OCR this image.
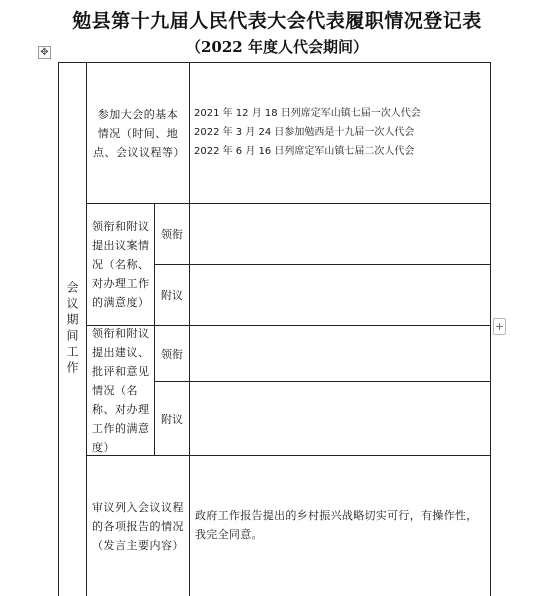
勉县第十九届人民代表大会代表履职情况登记表
（2022 年度人代会期间）
✥
+
会议期间工作
参加大会的基本情况（时间、地点、会议议程等）
2021 年 12 月 18 日列席定军山镇七届一次人代会
2022 年 3 月 24 日参加勉西是十九届一次人代会
2022 年 6 月 16 日列席定军山镇七届二次人代会
领衔和附议提出议案情况（名称、对办理工作的满意度）
领衔
附议
领衔和附议提出建议、批评和意见情况（名称、对办理工作的满意度）
领衔
附议
审议列入会议议程的各项报告的情况（发言主要内容）
政府工作报告提出的乡村振兴战略切实可行，有操作性，我完全同意。
